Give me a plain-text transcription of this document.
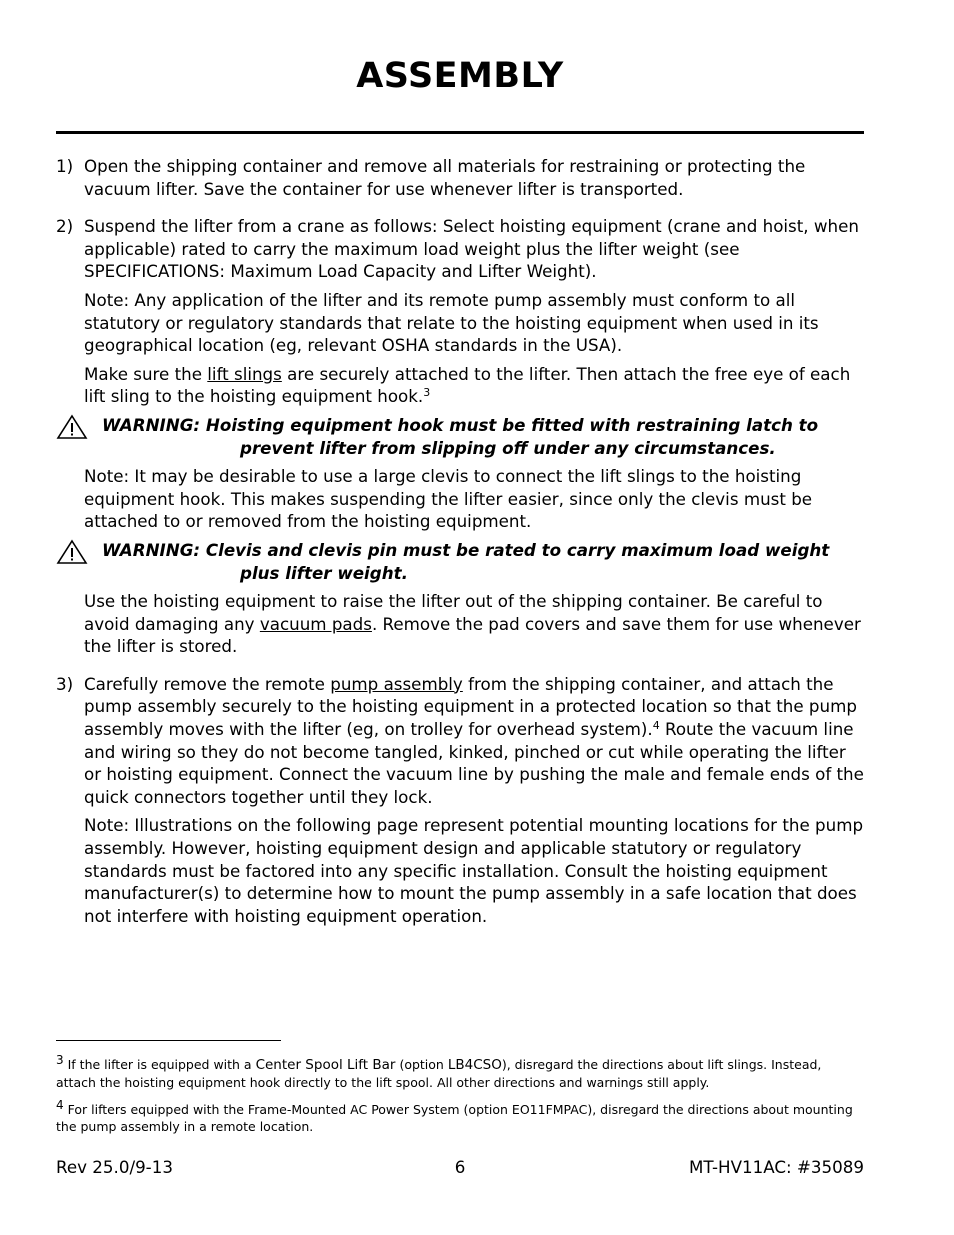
ASSEMBLY
1) Open the shipping container and remove all materials for restraining or protecting the vacuum lifter. Save the container for use whenever lifter is transported.

2) Suspend the lifter from a crane as follows: Select hoisting equipment (crane and hoist, when applicable) rated to carry the maximum load weight plus the lifter weight (see SPECIFICATIONS: Maximum Load Capacity and Lifter Weight).

Note: Any application of the lifter and its remote pump assembly must conform to all statutory or regulatory standards that relate to the hoisting equipment when used in its geographical location (eg, relevant OSHA standards in the USA).

Make sure the lift slings are securely attached to the lifter. Then attach the free eye of each lift sling to the hoisting equipment hook.$^3$

WARNING: Hoisting equipment hook must be fitted with restraining latch to
prevent lifter from slipping off under any circumstances.

Note: It may be desirable to use a large clevis to connect the lift slings to the hoisting equipment hook. This makes suspending the lifter easier, since only the clevis must be attached to or removed from the hoisting equipment.

WARNING: Clevis and clevis pin must be rated to carry maximum load weight
plus lifter weight.

Use the hoisting equipment to raise the lifter out of the shipping container. Be careful to avoid damaging any vacuum pads. Remove the pad covers and save them for use whenever the lifter is stored.

3) Carefully remove the remote pump assembly from the shipping container, and attach the pump assembly securely to the hoisting equipment in a protected location so that the pump assembly moves with the lifter (eg, on trolley for overhead system).$^4$ Route the vacuum line and wiring so they do not become tangled, kinked, pinched or cut while operating the lifter or hoisting equipment. Connect the vacuum line by pushing the male and female ends of the quick connectors together until they lock.

Note: Illustrations on the following page represent potential mounting locations for the pump assembly. However, hoisting equipment design and applicable statutory or regulatory standards must be factored into any specific installation. Consult the hoisting equipment manufacturer(s) to determine how to mount the pump assembly in a safe location that does not interfere with hoisting equipment operation.

$^3$ If the lifter is equipped with a Center Spool Lift Bar (option LB4CSO), disregard the directions about lift slings. Instead, attach the hoisting equipment hook directly to the lift spool. All other directions and warnings still apply.
$^4$ For lifters equipped with the Frame-Mounted AC Power System (option EO11FMPAC), disregard the directions about mounting the pump assembly in a remote location.
Rev 25.0/9-13	6	MT-HV11AC: #35089
